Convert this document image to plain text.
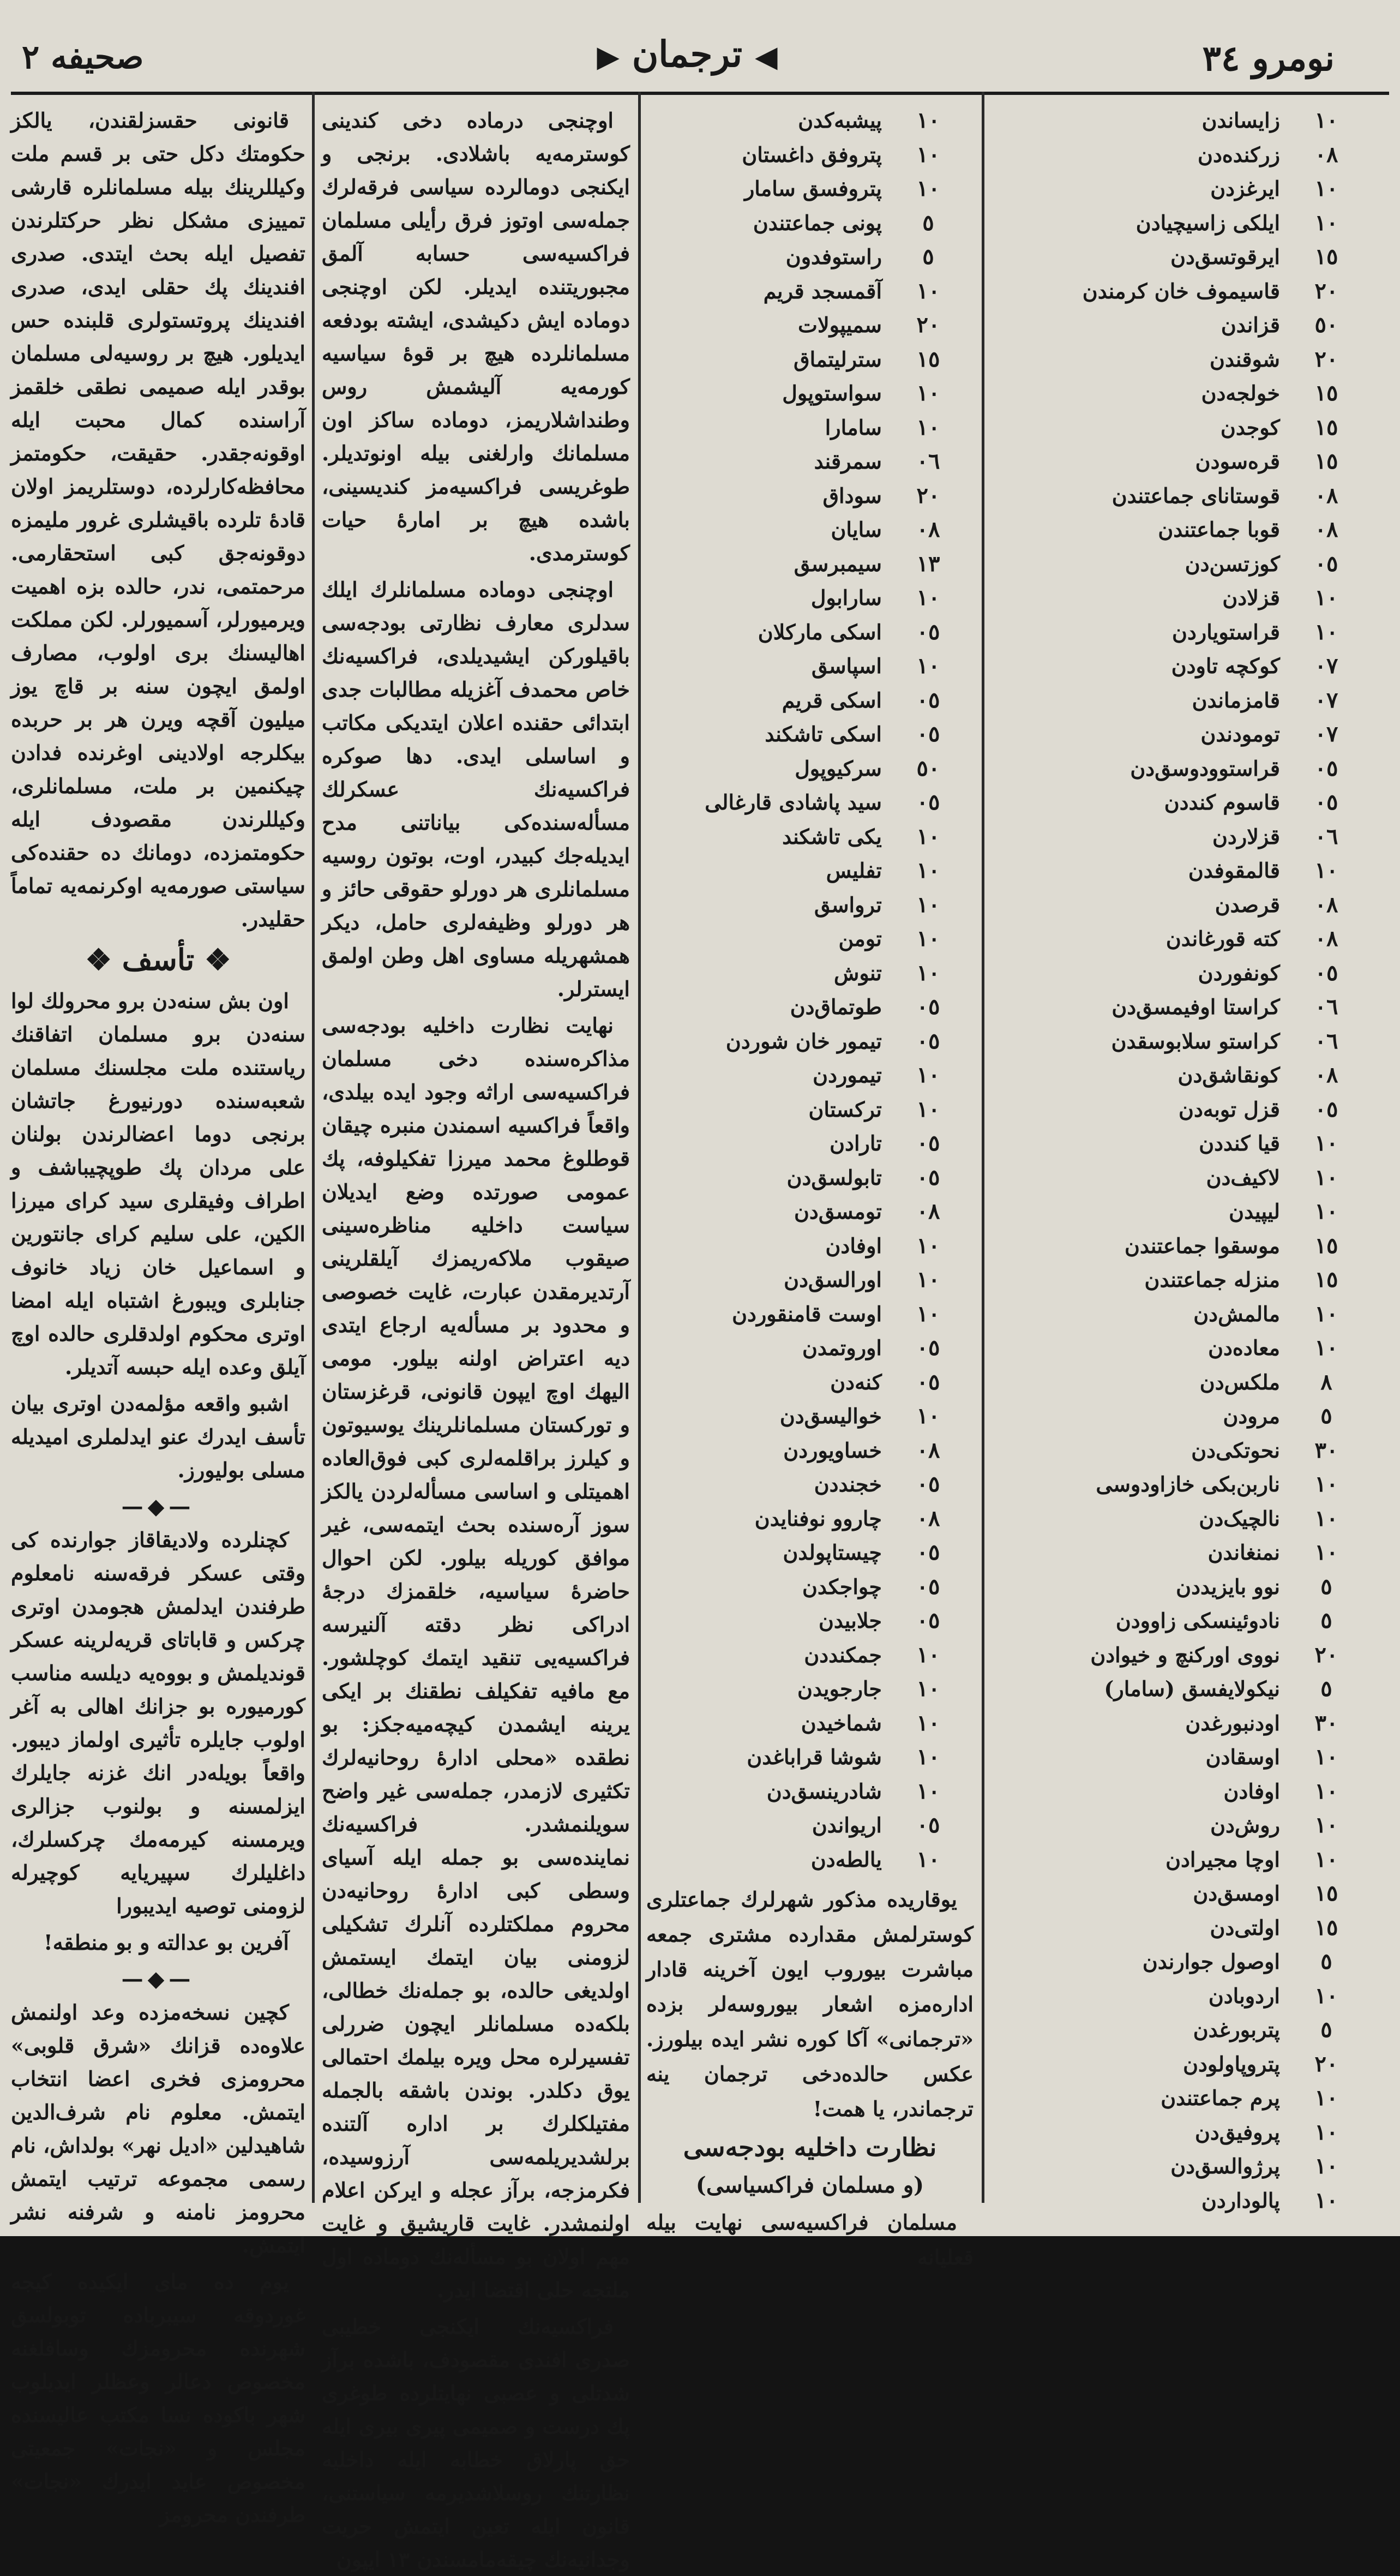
نومرو ٣٤
◀ ترجمان ▶
صحیفه ٢
١٠
زایساندن
٠٨
زرکنده‌دن
١٠
ایرغزدن
١٠
ایلکی زاسیچیادن
١٥
ایرقوتسق‌دن
٢٠
قاسیموف خان کرمندن
٥٠
قزاندن
٢٠
شوقندن
١٥
خولجه‌دن
١٥
کوجدن
١٥
قره‌سودن
٠٨
قوستانای جماعتندن
٠٨
قوبا جماعتندن
٠٥
کوزتسن‌دن
١٠
قزلادن
١٠
قراستویاردن
٠٧
کوکچه تاودن
٠٧
قامزماندن
٠٧
تومودندن
٠٥
قراستوودوسق‌دن
٠٥
قاسوم کنددن
٠٦
قزلاردن
١٠
قالمقوفدن
٠٨
قرصدن
٠٨
کته قورغاندن
٠٥
کونفوردن
٠٦
کراستا اوفیمسق‌دن
٠٦
کراستو سلابوسقدن
٠٨
کونقاشق‌دن
٠٥
قزل توبه‌دن
١٠
قیا کنددن
١٠
لاکیف‌دن
١٠
لیپیدن
١٥
موسقوا جماعتندن
١٥
منزله جماعتندن
١٠
مالمش‌دن
١٠
معاده‌دن
٨
ملکس‌دن
٥
مرودن
٣٠
نحوتکی‌دن
١٠
ناربن‌بکی خازاودوسی
١٠
نالچیک‌دن
١٠
نمنغاندن
٥
نوو بایزیددن
٥
نادوئینسکی زاوودن
٢٠
نووی اورکنچ و خیوادن
٥
نیکولایفسق (سامار)
٣٠
اودنبورغدن
١٠
اوسقادن
١٠
اوفادن
١٠
روش‌دن
١٠
اوچا مجیرادن
١٥
اومسق‌دن
١٥
اولتی‌دن
٥
اوصول جوارندن
١٠
اردوبادن
٥
پتربورغدن
٢٠
پتروپاولودن
١٠
پرم جماعتندن
١٠
پروفیق‌دن
١٠
پرژوالسق‌دن
١٠
پالوداردن
١٠
پیشبه‌کدن
١٠
پتروفق داغستان
١٠
پتروفسق سامار
٥
پونی جماعتندن
٥
راستوفدون
١٠
آقمسجد قریم
٢٠
سمیپولات
١٥
سترلیتماق
١٠
سواستوپول
١٠
سامارا
٠٦
سمرقند
٢٠
سوداق
٠٨
سایان
١٣
سیمبرسق
١٠
سارابول
٠٥
اسکی مارکلان
١٠
اسپاسق
٠٥
اسکی قریم
٠٥
اسکی تاشکند
٥٠
سرکیوپول
٠٥
سید پاشادی قارغالی
١٠
یکی تاشکند
١٠
تفلیس
١٠
ترواسق
١٠
تومن
١٠
تنوش
٠٥
طوتماق‌دن
٠٥
تیمور خان شوردن
١٠
تیموردن
١٠
ترکستان
٠٥
تارادن
٠٥
تابولسق‌دن
٠٨
تومسق‌دن
١٠
اوفادن
١٠
اورالسق‌دن
١٠
اوست قامنقوردن
٠٥
اوروتمدن
٠٥
کنه‌دن
١٠
خوالیسق‌دن
٠٨
خساویوردن
٠٥
خجنددن
٠٨
چاروو نوفنایدن
٠٥
چیستاپولدن
٠٥
چواجکدن
٠٥
جلابیدن
١٠
جمکنددن
١٠
جارجویدن
١٠
شماخیدن
١٠
شوشا قراباغدن
١٠
شادرینسق‌دن
٠٥
اریواندن
١٠
یالطه‌دن

یوقاریده مذکور شهرلرك جماعتلری کوسترلمش مقدارده مشتری جمعه مباشرت بیوروب ایون آخرینه قادار اداره‌مزه اشعار بیوروسه‌لر بزده «ترجمانی» آکا کوره نشر ایده بیلورز. عکس حالده‌دخی ترجمان ینه ترجماندر، یا همت!

نظارت داخلیه بودجه‌سی
(و مسلمان فراکسیاسی)

مسلمان فراکسیه‌سی نهایت بیله قعلیانه

اوچنجی درماده دخی کندینی کوسترمه‌یه باشلادی. برنجی و ایکنجی دومالرده سیاسی فرقه‌لرك جمله‌سی اوتوز فرق رأیلی مسلمان فراکسیه‌سی حسابه آلمق مجبوریتنده ایدیلر. لکن اوچنجی دوماده ایش دکیشدی، ایشته بودفعه مسلمانلرده هیچ بر قوهٔ سیاسیه کورمه‌یه آلیشمش روس وطنداشلاریمز، دوماده ساکز اون مسلمانك وارلغنی بیله اونوتدیلر. طوغریسی فراکسیه‌مز کندیسینی، باشده هیچ بر امارهٔ حیات کوسترمدی.

اوچنجی دوماده مسلمانلرك ایلك سدلری معارف نظارتی بودجه‌سی باقیلورکن ایشیدیلدی، فراکسیه‌نك خاص محمدف آغزیله مطالبات جدی ابتدائی حقنده اعلان ایتدیکی مکاتب و اساسلی ایدی. دها صوکره فراکسیه‌نك عسکرلك مسأله‌سنده‌کی بیاناتنی مدح ایدیله‌جك کبیدر، اوت، بوتون روسیه مسلمانلری هر دورلو حقوقی حائز و هر دورلو وظیفه‌لری حامل، دیکر همشهریله مساوی اهل وطن اولمق ایسترلر.

نهایت نظارت داخلیه بودجه‌سی مذاکره‌سنده دخی مسلمان فراکسیه‌سی اراثه وجود ایده بیلدی، واقعاً فراکسیه اسمندن منبره چیقان قوطلوغ محمد میرزا تفکیلوفه، پك عمومی صورتده وضع ایدیلان سیاست داخلیه مناظره‌سینی صیقوب ملاکه‌ریمزك آیلقلرینی آرتدیرمقدن عبارت، غایت خصوصی و محدود بر مسأله‌یه ارجاع ایتدی دیه اعتراض اولنه بیلور. مومی الیهك اوچ ایپون قانونی، قرغزستان و تورکستان مسلمانلرینك یوسیوتون و کیلرز براقلمه‌لری کبی فوق‌العاده اهمیتلی و اساسی مسأله‌لردن یالکز سوز آره‌سنده بحث ایتمه‌سی، غیر موافق کوریله بیلور. لکن احوال حاضرهٔ سیاسیه، خلقمزك درجهٔ ادراکی نظر دقته آلنیرسه فراکسیه‌یی تنقید ایتمك کوچلشور. مع مافیه تفکیلف نطقنك بر ایکی یرینه ایشمدن کیچه‌میه‌جکز: بو نطقده «محلی ادارهٔ روحانیه‌لرك تکثیری لازمدر، جمله‌سی غیر واضح سویلنمشدر. فراکسیه‌نك نماینده‌سی بو جمله ایله آسیای وسطی کبی ادارهٔ روحانیه‌دن محروم مملکتلرده آنلرك تشکیلی لزومنی بیان ایتمك ایستمش اولدیغی حالده، بو جمله‌نك خطالی، بلکه‌ده مسلمانلر ایچون ضررلی تفسیرلره محل ویره بیلمك احتمالی یوق دکلدر. بوندن باشقه بالجمله مفتیلکلرك بر اداره آلتنده برلشدیریلمه‌سی آرزوسیده، فکرمزجه، برآز عجله و ایرکن اعلام اولنمشدر. غایت قاریشیق و غایت مهم اولان بو مسأله‌نك دوماده اول ملتجه حلی اقتضا ایدر.

فراکسیه‌نك ایکنجی خطیبی صدری افندی مقصودف، باشده برآز شدتلی و عصبی نهایتلرده طوغری پك درست و صمیمی پیری بیری ایله حق پارلاق خطابه ایله داخلیه نظارتنك روسلاشدیرمه سیاستنی، قانون ایله تعین ایتمش حریت وجدانیه‌نك چیقه‌مامسندن ١٣ ایپون

قانونی حقسزلقندن، یالکز حکومتك دکل حتی بر قسم ملت وکیللرینك بیله مسلمانلره قارشی تمییزی مشکل نظر حرکتلرندن تفصیل ایله بحث ایتدی. صدری افندینك پك حقلی ایدی، صدری افندینك پروتستولری قلبنده حس ایدیلور. هیچ بر روسیه‌لی مسلمان بوقدر ایله صمیمی نطقی خلقمز آراسنده کمال محبت ایله اوقونه‌جقدر. حقیقت، حکومتمز محافظه‌کارلرده، دوستلریمز اولان قادهٔ تلرده باقیشلری غرور ملیمزه دوقونه‌جق کبی استحقارمی. مرحمتمی، ندر، حالده بزه اهمیت ویرمیورلر، آسمیورلر. لکن مملکت اهالیسنك بری اولوب، مصارف اولمق ایچون سنه بر قاچ یوز میلیون آقچه ویرن هر بر حربده بیکلرجه اولادینی اوغرنده فدادن چیکنمین بر ملت، مسلمانلری، وکیللرندن مقصودف ایله حکومتمزده، دومانك ده حقنده‌کی سیاستی صورمه‌یه اوکرنمه‌یه تماماً حقلیدر.

❖ تأسف ❖

اون بش سنه‌دن برو محرولك لوا سنه‌دن برو مسلمان اتفاقنك ریاستنده ملت مجلسنك مسلمان شعبه‌سنده دورنیورغ جاتشان برنجی دوما اعضالرندن بولنان علی مردان پك طوپچیباشف و اطراف وفیقلری سید کرای میرزا الکین، علی سلیم کرای جانتورین و اسماعیل خان زیاد خانوف جنابلری ویبورغ اشتباه ایله امضا اوتری محکوم اولدقلری حالده اوچ آیلق وعده ایله حبسه آتدیلر.

اشبو واقعه مؤلمه‌دن اوتری بیان تأسف ایدرك عنو ایدلملری امیدیله مسلی بولیورز.

—◆—

کچنلرده ولادیقاقاز جوارنده کی وقتی عسکر فرقه‌سنه نامعلوم طرفندن ایدلمش هجومدن اوتری چرکس و قاباتای قریه‌لرینه عسکر قوندیلمش و بووه‌یه دیلسه مناسب کورمیوره بو جزانك اهالی به آغر اولوب جایلره تأثیری اولماز دیبور. واقعاً بویله‌در انك غزنه جایلرك ایزلمسنه و بولنوب جزالری ویرمسنه کیرمه‌مك چرکسلرك، داغلیلرك سپیریایه کوچیرله لزومنی توصیه ایدیبورا

آفرین بو عدالته و بو منطقه!

—◆—

کچین نسخه‌مزده وعد اولنمش علاوه‌ده قزانك «شرق قلوبی» محرومزی فخری اعضا انتخاب ایتمش. معلوم نام شرف‌الدین شاهیدلین «ادیل نهر» بولداش، نام رسمی مجموعه ترتیب ایتمش محرومز نامنه و شرفنه نشر ایتمش.

یوم ده مای ایکیده کیجه غوردوقه سیبرباده توبولسق شهرنده محرومزك وسافلغنه مخصوص دعالر وعظلر ایدیلوب شهر باکوده نسا مکتب عالیسنده مجلس و «نجات» جمعیتی مخصوص عاید ایدرك «نجات» طرفندن محرومز
